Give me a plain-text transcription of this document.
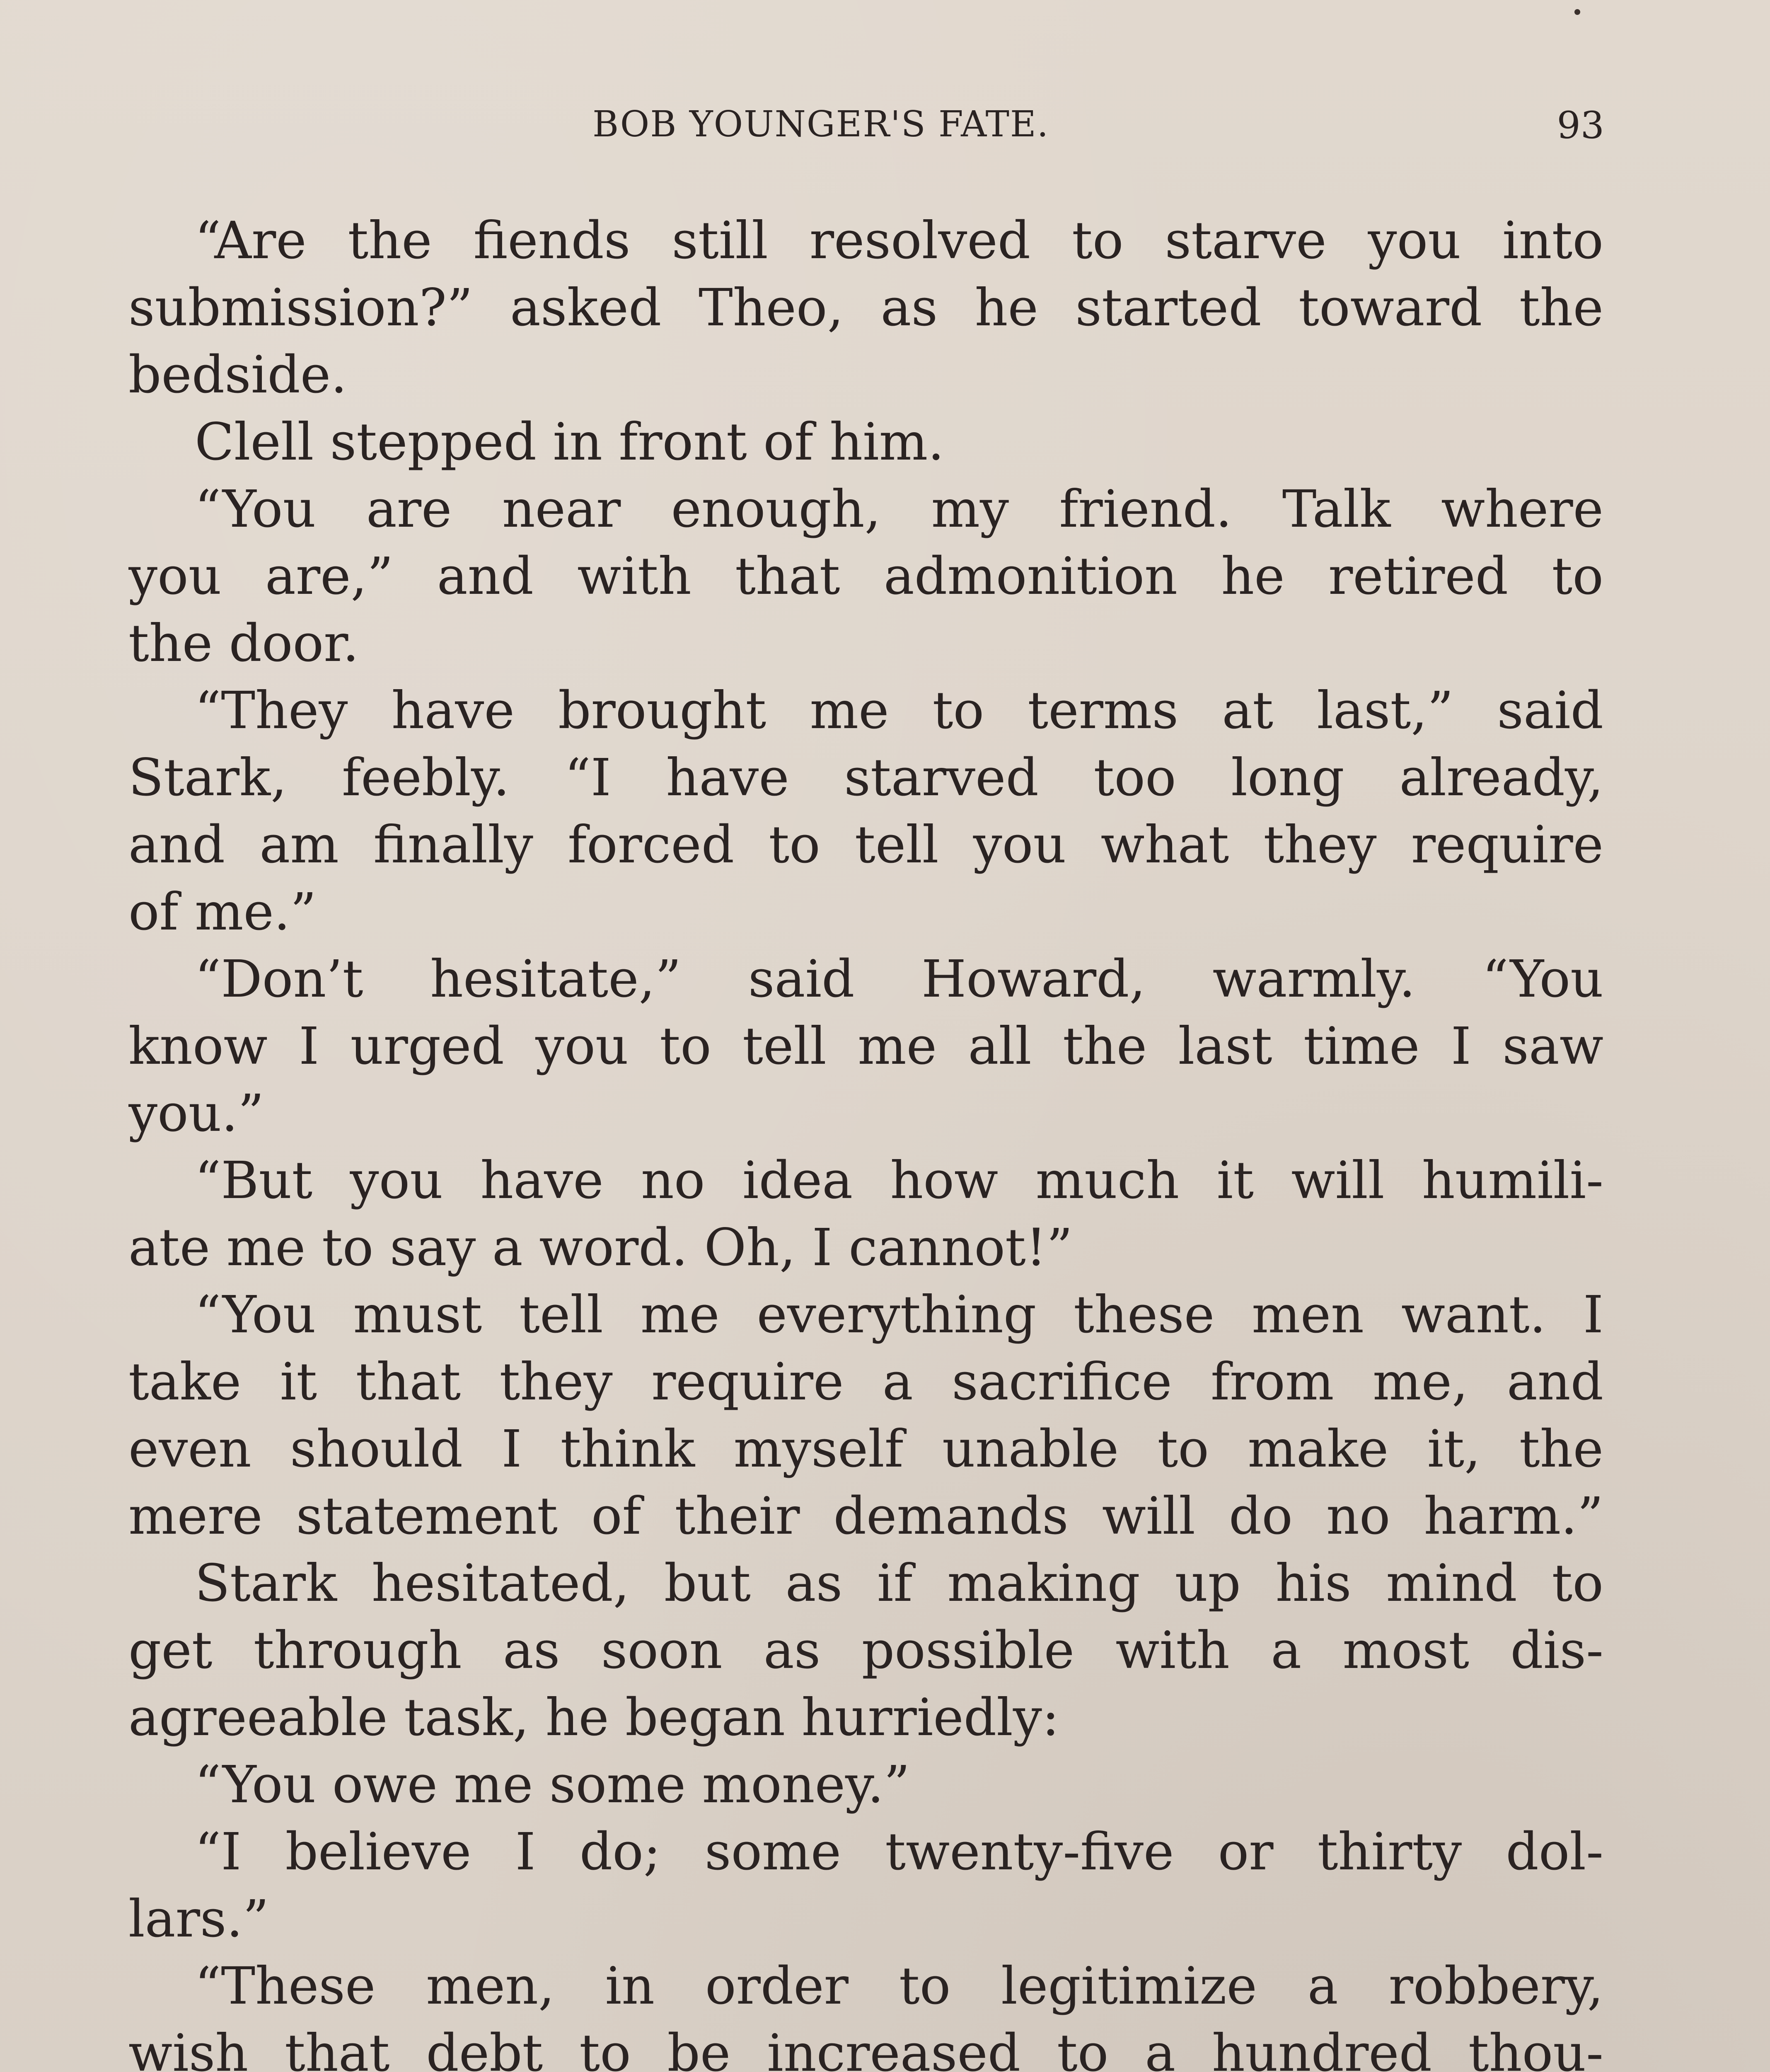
BOB YOUNGER'S FATE.	93
“Are the fiends still resolved to starve you into
submission?” asked Theo, as he started toward the
bedside.
Clell stepped in front of him.
“You are near enough, my friend. Talk where
you are,” and with that admonition he retired to
the door.
“They have brought me to terms at last,” said
Stark, feebly. “I have starved too long already,
and am finally forced to tell you what they require
of me.”
“Don’t hesitate,” said Howard, warmly. “You
know I urged you to tell me all the last time I saw
you.”
“But you have no idea how much it will humili-
ate me to say a word. Oh, I cannot!”
“You must tell me everything these men want. I
take it that they require a sacrifice from me, and
even should I think myself unable to make it, the
mere statement of their demands will do no harm.”
Stark hesitated, but as if making up his mind to
get through as soon as possible with a most dis-
agreeable task, he began hurriedly:
“You owe me some money.”
“I believe I do; some twenty-five or thirty dol-
lars.”
“These men, in order to legitimize a robbery,
wish that debt to be increased to a hundred thou-
